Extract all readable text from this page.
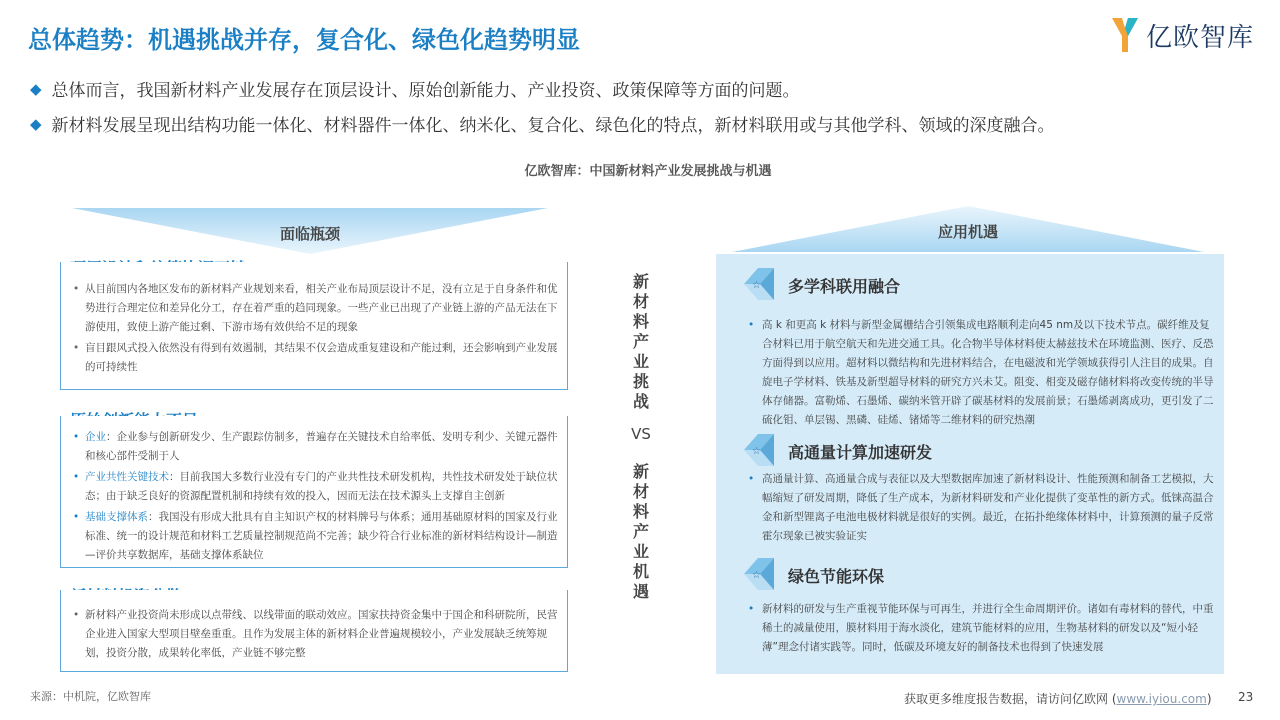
总体趋势：机遇挑战并存，复合化、绿色化趋势明显	亿欧智库
◆ 总体而言，我国新材料产业发展存在顶层设计、原始创新能力、产业投资、政策保障等方面的问题。
◆ 新材料发展呈现出结构功能一体化、材料器件一体化、纳米化、复合化、绿色化的特点，新材料联用或与其他学科、领域的深度融合。
亿欧智库：中国新材料产业发展挑战与机遇
面临瓶颈	应用机遇
• 从目前国内各地区发布的新材料产业规划来看，相关产业布局顶层设计不足，没有立足于自身条件和优势进行合理定位和差异化分工，存在着严重的趋同现象。一些产业已出现了产业链上游的产品无法在下游使用，致使上游产能过剩、下游市场有效供给不足的现象
• 盲目跟风式投入依然没有得到有效遏制，其结果不仅会造成重复建设和产能过剩，还会影响到产业发展的可持续性
• 企业：企业参与创新研发少、生产跟踪仿制多，普遍存在关键技术自给率低、发明专利少、关键元器件和核心部件受制于人
• 产业共性关键技术：目前我国大多数行业没有专门的产业共性技术研发机构，共性技术研发处于缺位状态；由于缺乏良好的资源配置机制和持续有效的投入，因而无法在技术源头上支撑自主创新
• 基础支撑体系：我国没有形成大批具有自主知识产权的材料牌号与体系；通用基础原材料的国家及行业标准、统一的设计规范和材料工艺质量控制规范尚不完善；缺少符合行业标准的新材料结构设计—制造—评价共享数据库，基础支撑体系缺位
• 新材料产业投资尚未形成以点带线、以线带面的联动效应。国家扶持资金集中于国企和科研院所，民营企业进入国家大型项目壁垒重重。且作为发展主体的新材料企业普遍规模较小，产业发展缺乏统筹规划，投资分散，成果转化率低，产业链不够完整
新
材
料
产
业
挑
战
VS
新
材
料
产
业
机
遇
☆ 多学科联用融合
• 高 k 和更高 k 材料与新型金属栅结合引领集成电路顺利走向45 nm及以下技术节点。碳纤维及复合材料已用于航空航天和先进交通工具。化合物半导体材料使太赫兹技术在环境监测、医疗、反恐方面得到以应用。超材料以微结构和先进材料结合，在电磁波和光学领域获得引人注目的成果。自旋电子学材料、铁基及新型超导材料的研究方兴未艾。阻变、相变及磁存储材料将改变传统的半导体存储器。富勒烯、石墨烯、碳纳米管开辟了碳基材料的发展前景；石墨烯剥离成功，更引发了二硫化钼、单层锡、黑磷、硅烯、锗烯等二维材料的研究热潮
☆ 高通量计算加速研发
• 高通量计算、高通量合成与表征以及大型数据库加速了新材料设计、性能预测和制备工艺模拟，大幅缩短了研发周期，降低了生产成本，为新材料研发和产业化提供了变革性的新方式。低铼高温合金和新型锂离子电池电极材料就是很好的实例。最近，在拓扑绝缘体材料中，计算预测的量子反常霍尔现象已被实验证实
☆ 绿色节能环保
• 新材料的研发与生产重视节能环保与可再生，并进行全生命周期评价。诸如有毒材料的替代，中重稀土的减量使用，膜材料用于海水淡化，建筑节能材料的应用，生物基材料的研发以及“短小轻薄”理念付诸实践等。同时，低碳及环境友好的制备技术也得到了快速发展
来源：中机院，亿欧智库	获取更多维度报告数据，请访问亿欧网 (www.iyiou.com) 23
